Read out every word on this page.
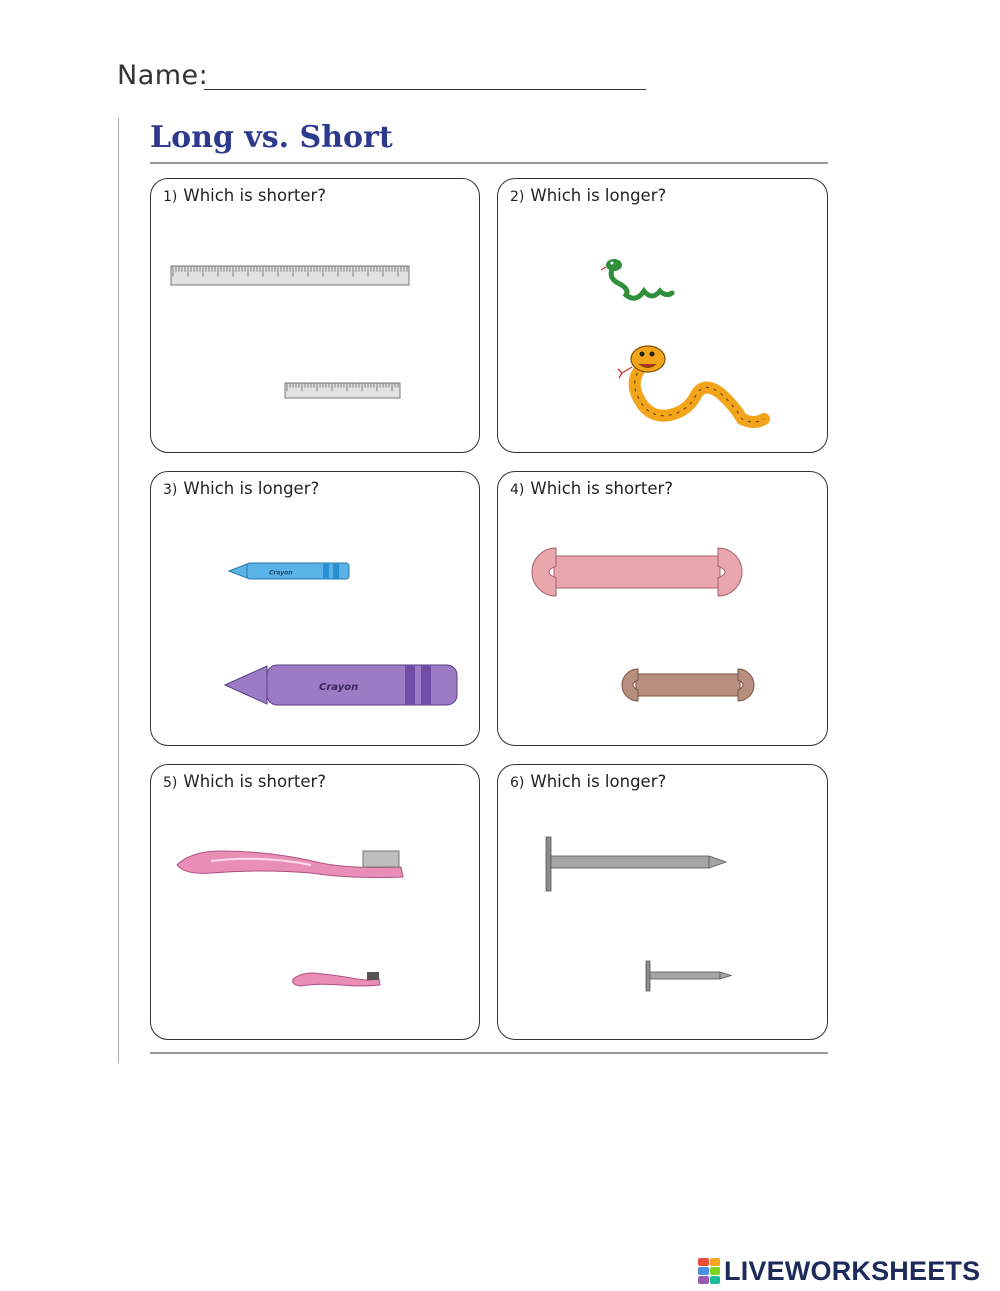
Name:
Long vs. Short
1) Which is shorter?	2) Which is longer?
3) Which is longer?
Crayon
Crayon
4) Which is shorter?
5) Which is shorter?	6) Which is longer?
LIVEWORKSHEETS
